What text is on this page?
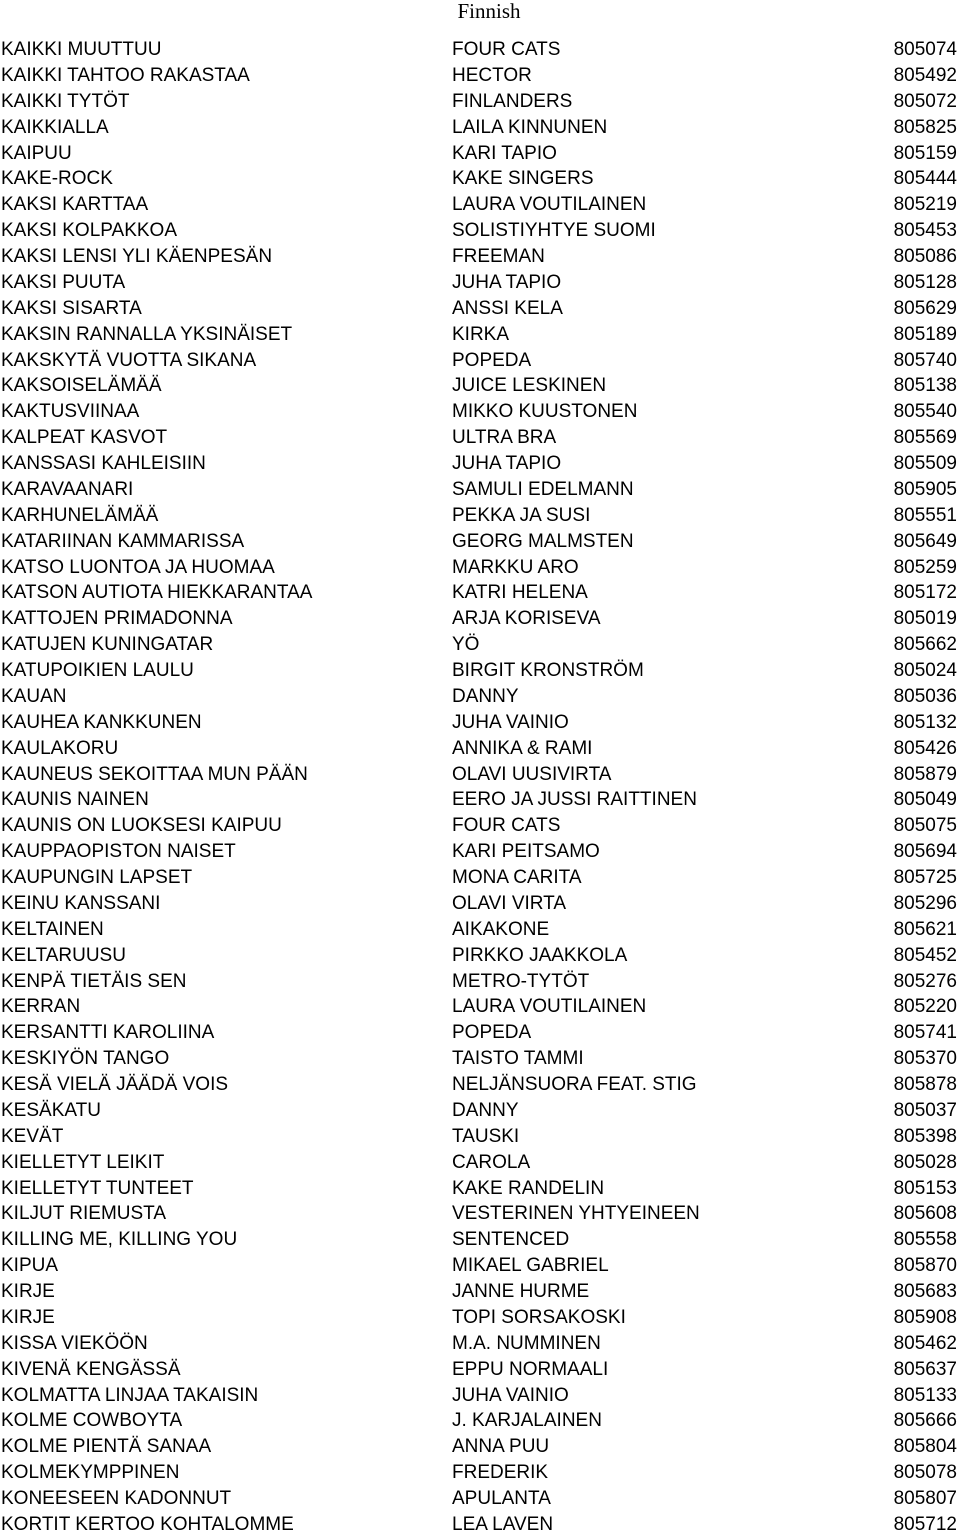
Finnish
KAIKKI MUUTTUU	FOUR CATS	805074
KAIKKI TAHTOO RAKASTAA	HECTOR	805492
KAIKKI TYTÖT	FINLANDERS	805072
KAIKKIALLA	LAILA KINNUNEN	805825
KAIPUU	KARI TAPIO	805159
KAKE-ROCK	KAKE SINGERS	805444
KAKSI KARTTAA	LAURA VOUTILAINEN	805219
KAKSI KOLPAKKOA	SOLISTIYHTYE SUOMI	805453
KAKSI LENSI YLI KÄENPESÄN	FREEMAN	805086
KAKSI PUUTA	JUHA TAPIO	805128
KAKSI SISARTA	ANSSI KELA	805629
KAKSIN RANNALLA YKSINÄISET	KIRKA	805189
KAKSKYTÄ VUOTTA SIKANA	POPEDA	805740
KAKSOISELÄMÄÄ	JUICE LESKINEN	805138
KAKTUSVIINAA	MIKKO KUUSTONEN	805540
KALPEAT KASVOT	ULTRA BRA	805569
KANSSASI KAHLEISIIN	JUHA TAPIO	805509
KARAVAANARI	SAMULI EDELMANN	805905
KARHUNELÄMÄÄ	PEKKA JA SUSI	805551
KATARIINAN KAMMARISSA	GEORG MALMSTEN	805649
KATSO LUONTOA JA HUOMAA	MARKKU ARO	805259
KATSON AUTIOTA HIEKKARANTAA	KATRI HELENA	805172
KATTOJEN PRIMADONNA	ARJA KORISEVA	805019
KATUJEN KUNINGATAR	YÖ	805662
KATUPOIKIEN LAULU	BIRGIT KRONSTRÖM	805024
KAUAN	DANNY	805036
KAUHEA KANKKUNEN	JUHA VAINIO	805132
KAULAKORU	ANNIKA & RAMI	805426
KAUNEUS SEKOITTAA MUN PÄÄN	OLAVI UUSIVIRTA	805879
KAUNIS NAINEN	EERO JA JUSSI RAITTINEN	805049
KAUNIS ON LUOKSESI KAIPUU	FOUR CATS	805075
KAUPPAOPISTON NAISET	KARI PEITSAMO	805694
KAUPUNGIN LAPSET	MONA CARITA	805725
KEINU KANSSANI	OLAVI VIRTA	805296
KELTAINEN	AIKAKONE	805621
KELTARUUSU	PIRKKO JAAKKOLA	805452
KENPÄ TIETÄIS SEN	METRO-TYTÖT	805276
KERRAN	LAURA VOUTILAINEN	805220
KERSANTTI KAROLIINA	POPEDA	805741
KESKIYÖN TANGO	TAISTO TAMMI	805370
KESÄ VIELÄ JÄÄDÄ VOIS	NELJÄNSUORA FEAT. STIG	805878
KESÄKATU	DANNY	805037
KEVÄT	TAUSKI	805398
KIELLETYT LEIKIT	CAROLA	805028
KIELLETYT TUNTEET	KAKE RANDELIN	805153
KILJUT RIEMUSTA	VESTERINEN YHTYEINEEN	805608
KILLING ME, KILLING YOU	SENTENCED	805558
KIPUA	MIKAEL GABRIEL	805870
KIRJE	JANNE HURME	805683
KIRJE	TOPI SORSAKOSKI	805908
KISSA VIEKÖÖN	M.A. NUMMINEN	805462
KIVENÄ KENGÄSSÄ	EPPU NORMAALI	805637
KOLMATTA LINJAA TAKAISIN	JUHA VAINIO	805133
KOLME COWBOYTA	J. KARJALAINEN	805666
KOLME PIENTÄ SANAA	ANNA PUU	805804
KOLMEKYMPPINEN	FREDERIK	805078
KONEESEEN KADONNUT	APULANTA	805807
KORTIT KERTOO KOHTALOMME	LEA LAVEN	805712
